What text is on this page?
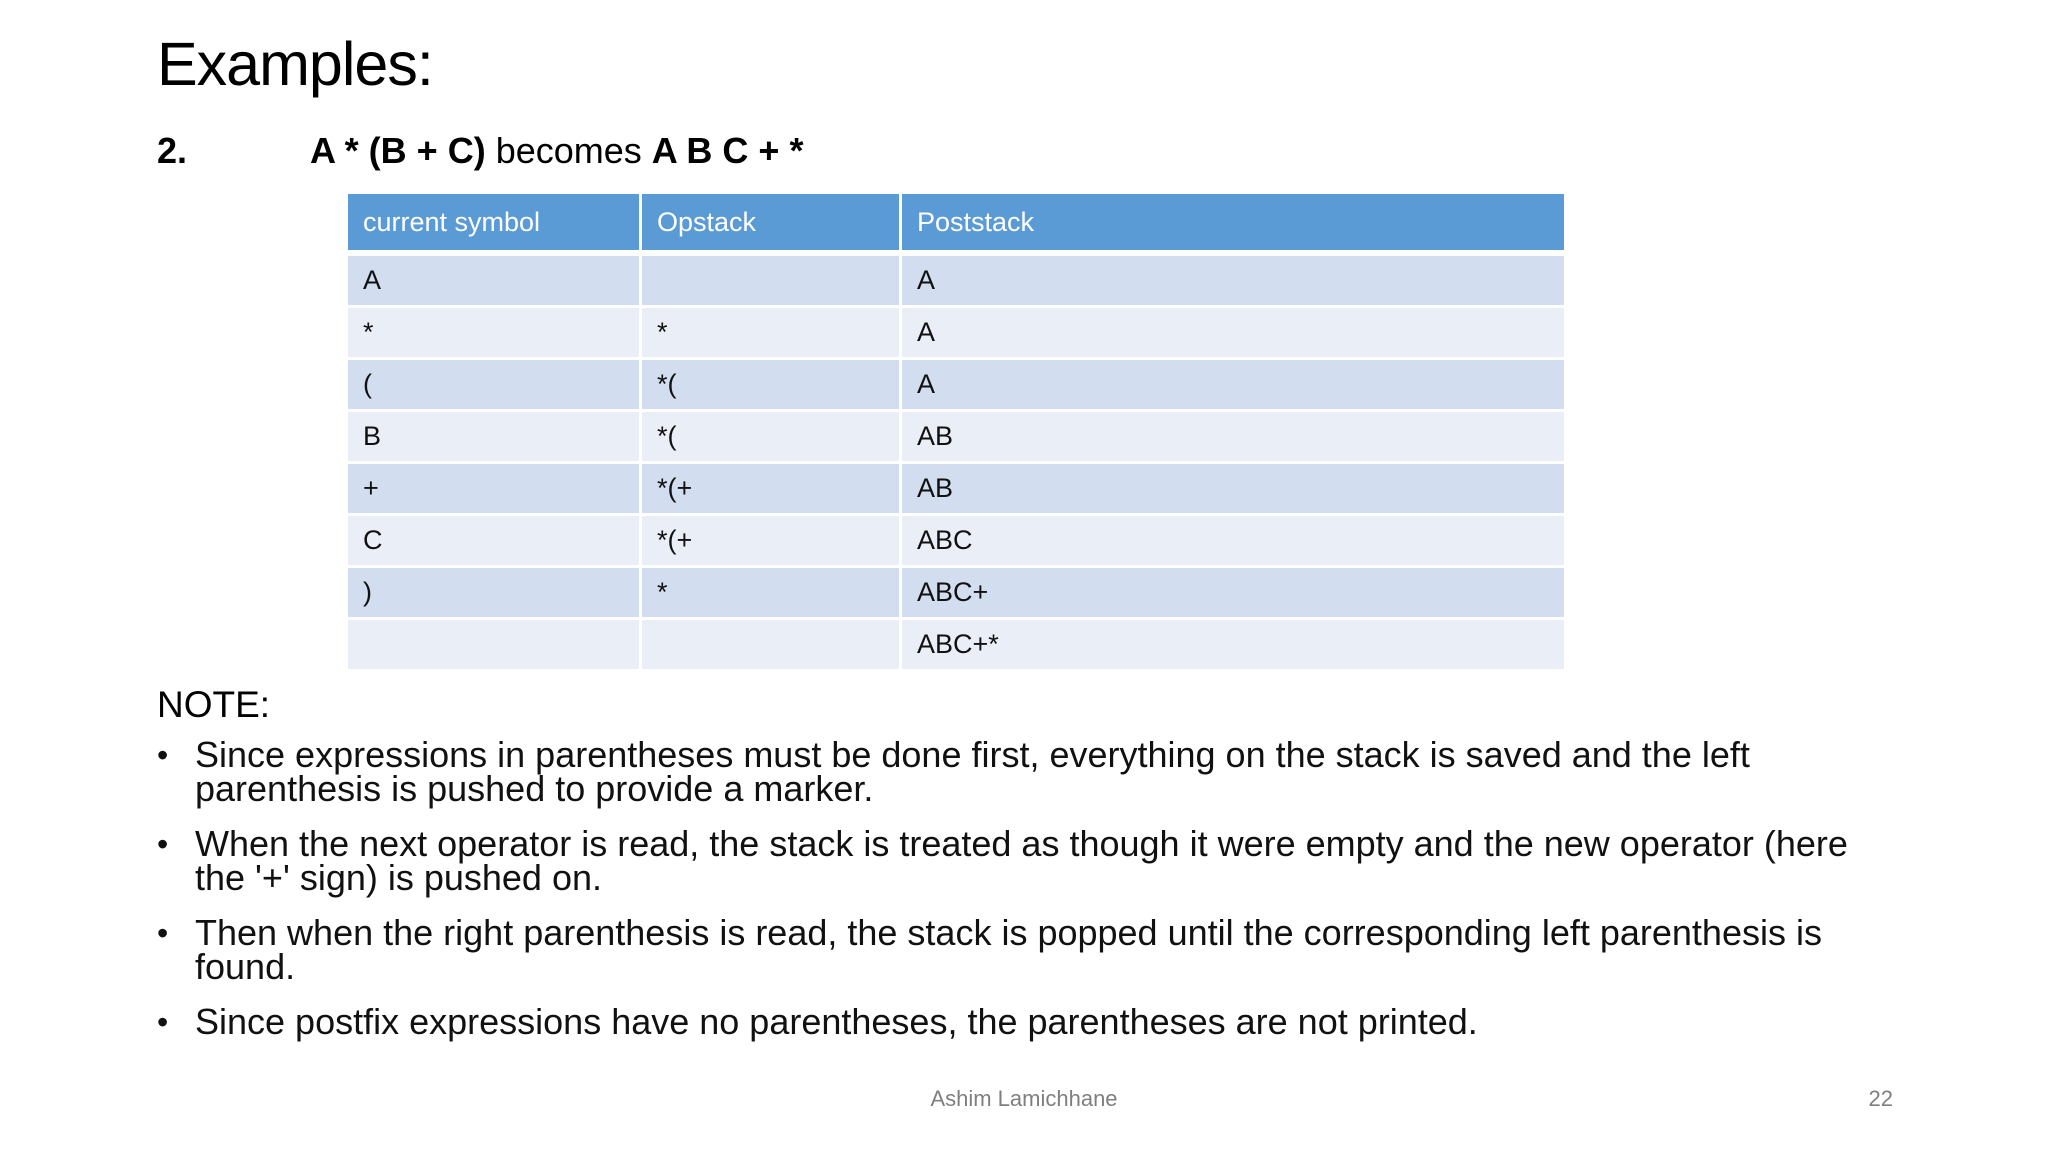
Examples:
2.	A * (B + C) becomes A B C + *
current symbol	Opstack	Poststack
A		A
*	*	A
(	*(	A
B	*(	AB
+	*(+	AB
C	*(+	ABC
)	*	ABC+
		ABC+*
NOTE:
• Since expressions in parentheses must be done first, everything on the stack is saved and the left parenthesis is pushed to provide a marker.
• When the next operator is read, the stack is treated as though it were empty and the new operator (here the '+' sign) is pushed on.
• Then when the right parenthesis is read, the stack is popped until the corresponding left parenthesis is found.
• Since postfix expressions have no parentheses, the parentheses are not printed.
Ashim Lamichhane	22
